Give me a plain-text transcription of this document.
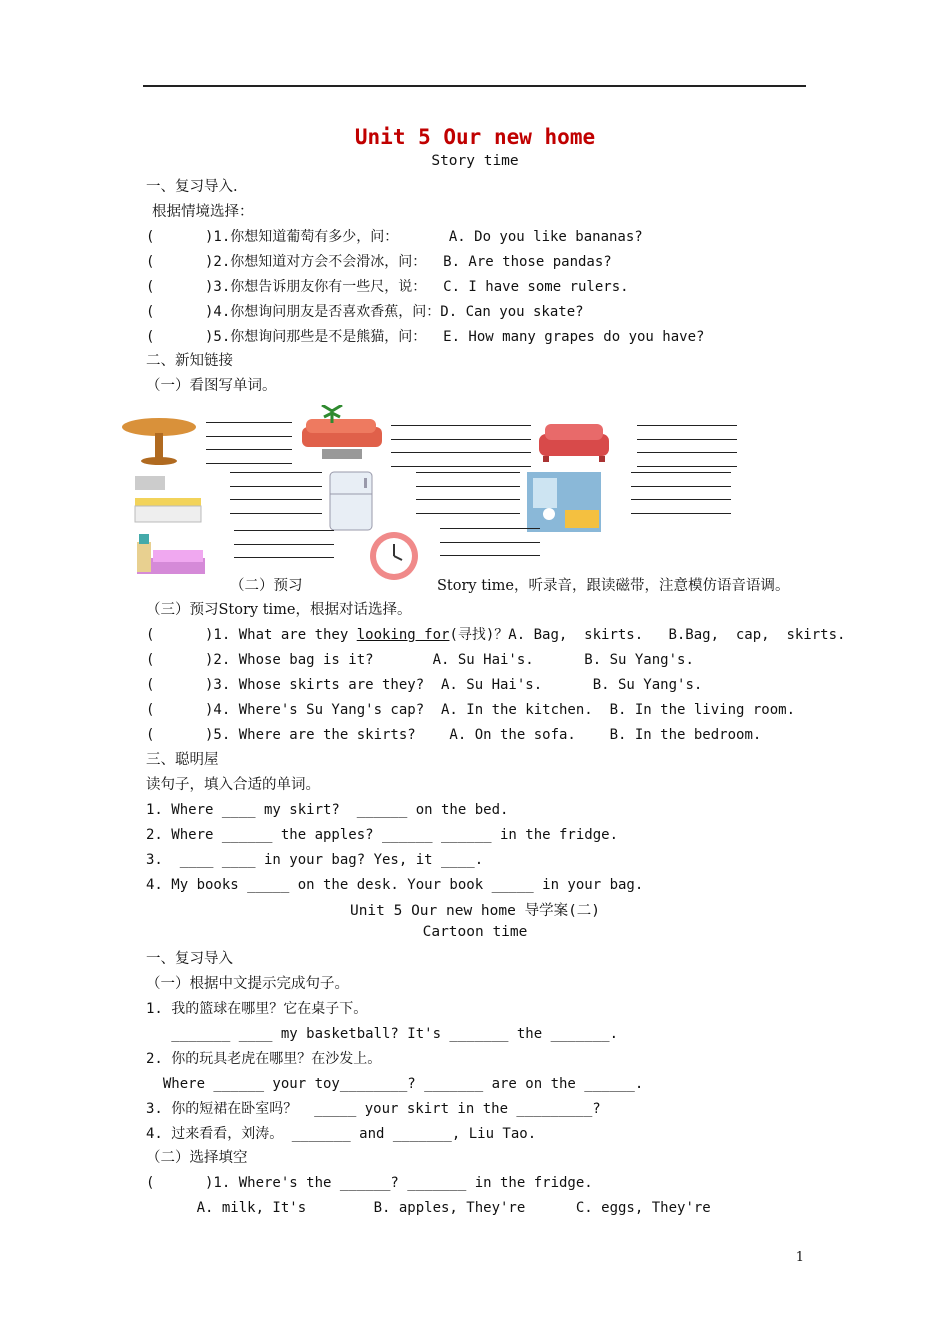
Unit 5 Our new home
Story time
一、复习导入.
根据情境选择：
(      )1.你想知道葡萄有多少，问：      A. Do you like bananas?
(      )2.你想知道对方会不会滑冰，问：  B. Are those pandas?
(      )3.你想告诉朋友你有一些尺，说：  C. I have some rulers.
(      )4.你想询问朋友是否喜欢香蕉，问：D. Can you skate?
(      )5.你想询问那些是不是熊猫，问：  E. How many grapes do you have?
二、新知链接
（一）看图写单词。
（二）预习	Story time，听录音，跟读磁带，注意模仿语音语调。
（三）预习Story time，根据对话选择。
(      )1. What are they looking for(寻找)？A. Bag,  skirts.   B.Bag,  cap,  skirts.
(      )2. Whose bag is it?       A. Su Hai's.      B. Su Yang's.
(      )3. Whose skirts are they?  A. Su Hai's.      B. Su Yang's.
(      )4. Where's Su Yang's cap?  A. In the kitchen.  B. In the living room.
(      )5. Where are the skirts?    A. On the sofa.    B. In the bedroom.
三、聪明屋
读句子，填入合适的单词。
1. Where ____ my skirt?  ______ on the bed.
2. Where ______ the apples? ______ ______ in the fridge.
3.  ____ ____ in your bag? Yes, it ____.
4. My books _____ on the desk. Your book _____ in your bag.
Unit 5 Our new home 导学案(二)
Cartoon time
一、复习导入
（一）根据中文提示完成句子。
1. 我的篮球在哪里？它在桌子下。
_______ ____ my basketball? It's _______ the _______.
2. 你的玩具老虎在哪里？在沙发上。
Where ______ your toy________? _______ are on the ______.
3. 你的短裙在卧室吗？  _____ your skirt in the _________?
4. 过来看看，刘涛。 _______ and _______, Liu Tao.
（二）选择填空
(      )1. Where's the ______? _______ in the fridge.
A. milk, It's        B. apples, They're      C. eggs, They're
1
